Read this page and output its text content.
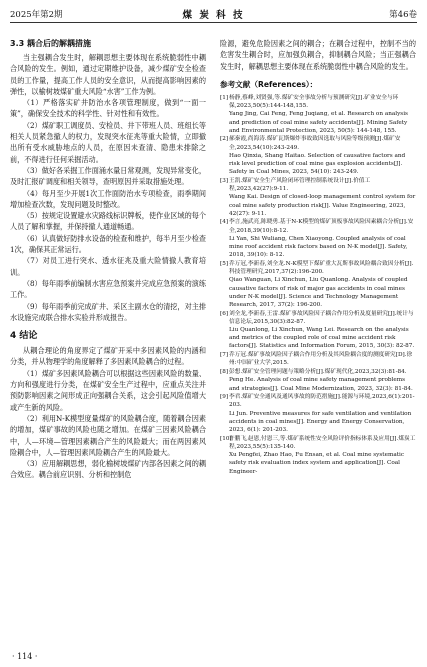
2025年第2期	煤 炭 科 技	第46卷
3.3 耦合后的解耦措施

当主强耦合发生时，解耦思想主要体现在系统脆弱性中耦合风险的发生。例如，通过定期维护设备，减少煤矿安全检查员的工作量，提高工作人员的安全意识，从而提高影响因素的弹性，以榆树坡煤矿重大风险“水害”工作为例。

（1）严格落实矿井防治水各项管理制度，做到“一面一策”，确保安全技术的科学性、针对性和有效性。

（2）煤矿职工调度员、安检员、井下带班人员、班组长等相关人员紧急撤人的权力，发现突水征兆等重大险情，立即撤出所有受水威胁地点的人员，在原因未查清、隐患未排除之前，不得进行任何采掘活动。

（3）做好各采掘工作面涌水量日常观测，发现异常变化，及时汇报矿调度和相关领导，查明原因并采取措施处理。

（4）每月至少开展1次工作面防治水专项检查，雨季期间增加检查次数，发现问题及时整改。

（5）按规定设置避水灾路线标识牌板，使作业区域的每个人员了解和掌握，并保持撤人通道畅通。

（6）认真做好防排水设备的检查和维护，每半月至少检查1次，确保其正常运行。

（7）对员工进行突水、透水征兆及重大险情撤人教育培训。

（8）每年雨季前编制水害应急预案并完成应急预案的演练工作。

（9）每年雨季前完成矿井、采区主副水仓的清挖，对主排水设施完成联合排水实验并形成报告。

4 结论

从耦合理论的角度界定了煤矿开采中多因素风险的内涵和分类，并从物理学的角度解释了多因素风险耦合的过程。

（1）煤矿多因素风险耦合可以根据这些因素风险的数量、方向和强度进行分类，在煤矿安全生产过程中，应重点关注并预防影响因素之间形成正向强耦合关系，这会引起风险值增大或产生新的风险。

（2）利用N-K模型度量煤矿的风险耦合度，随着耦合因素的增加，煤矿事故的风险也随之增加。在煤矿三因素风险耦合中，人—环境—管理因素耦合产生的风险最大；而在两因素风险耦合中，人—管理因素风险耦合产生的风险最大。

（3）应用解耦思想，弱化榆树坡煤矿内部各因素之间的耦合效应。耦合前应识别、分析和控制危

险源，避免危险因素之间的耦合；在耦合过程中，控制不当的危害发生耦合时，应加强负耦合，抑制耦合风险；当正强耦合发生时，解耦思想主要体现在系统脆弱性中耦合风险的发生。

参考文献（References）：
[1]杨静,蔡峰,刘贤强,等.煤矿安全事故分析与预测研究[J].矿业安全与环保,2023,50(5):144-148,155.
Yang Jing, Cai Feng, Feng Juqiang, et al. Research on analysis and prediction of coal mine safety accidents[J]. Mining Safety and Environmental Protection, 2023, 50(5): 144-148, 155.
[2]郝秦霞,尚海涛.煤矿瓦斯爆炸事故致因选取与风险等级预测[J].煤矿安全,2023,54(10):243-249.
Hao Qinxia, Shang Haitao. Selection of causative factors and risk level prediction of coal mine gas explosion accidents[J]. Safety in Coal Mines, 2023, 54(10): 243-249.
[3]王凯.煤矿安全生产风险闭环管理控制系统设计[J].价值工程,2023,42(27):9-11.
Wang Kai. Design of closed-loop management control system for coal mine safety production risk[J]. Value Engineering, 2023, 42(27): 9-11.
[4]李言,施武亮,陈晓勇.基于N-K模型的煤矿顶板事故风险因素耦合分析[J].安全,2018,39(10):8-12.
Li Yan, Shi Wuliang, Chen Xiaoyong. Coupled analysis of coal mine roof accident risk factors based on N-K model[J]. Safety, 2018, 39(10): 8-12.
[5]乔万冠,李新春,刘全龙.N-K模型下煤矿重大瓦斯事故风险耦合致因分析[J].科技管理研究,2017,37(2):196-200.
Qiao Wanguan, Li Xinchun, Liu Quanlong. Analysis of coupled causative factors of risk of major gas accidents in coal mines under N-K model[J]. Science and Technology Management Research, 2017, 37(2): 196-200.
[6]刘全龙,李新春,王雷.煤矿事故风险因子耦合作用分析及度量研究[J].统计与信息论坛,2015,30(3):82-87.
Liu Quanlong, Li Xinchun, Wang Lei. Research on the analysis and metrics of the coupled role of coal mine accident risk factors[J]. Statistics and Information Forum, 2015, 30(3): 82-87.
[7]乔万冠.煤矿事故风险因子耦合作用分析及其风险耦合度的测度研究[D].徐州:中国矿业大学,2015.
[8]彭想.煤矿安全管理问题与策略分析[J].煤矿现代化,2023,32(3):81-84.
Peng He. Analysis of coal mine safety management problems and strategies[J]. Coal Mine Modernization, 2023, 32(3): 81-84.
[9]李君.煤矿安全通风及通风事故的防范措施[J].能源与环境,2023,6(1):201-203.
Li Jun. Preventive measures for safe ventilation and ventilation accidents in coal mines[J]. Energy and Energy Conservation, 2023, 6(1): 201-203.
[10]许鹏飞,赵恩,付恩三,等.煤矿系统性安全风险评价指标体系及应用[J].煤炭工程,2023,55(5):135-140.
Xu Pengfei, Zhao Hao, Fu Ensan, et al. Coal mine systematic safety risk evaluation index system and application[J]. Coal Engineer-
· 114 ·
